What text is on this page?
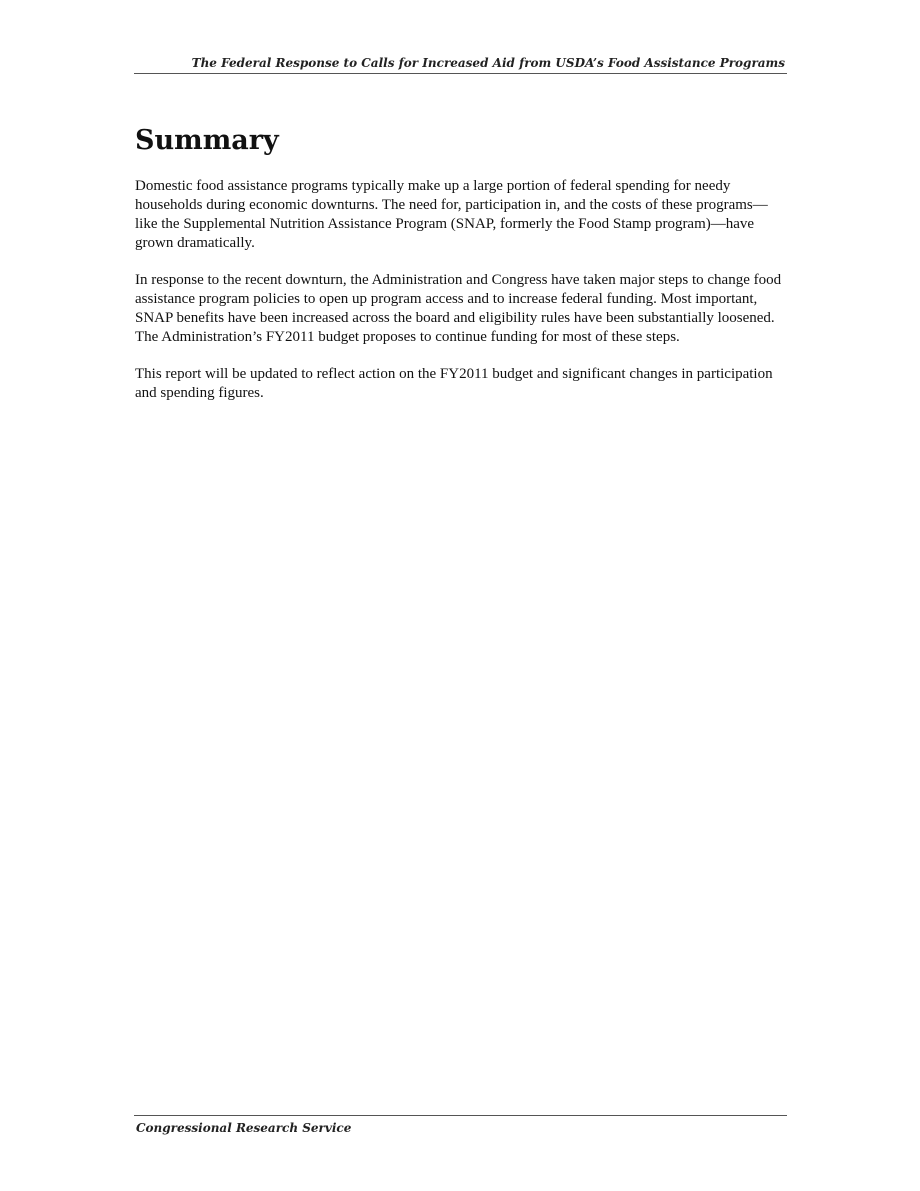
The Federal Response to Calls for Increased Aid from USDA’s Food Assistance Programs
Summary

Domestic food assistance programs typically make up a large portion of federal spending for needy households during economic downturns. The need for, participation in, and the costs of these programs—like the Supplemental Nutrition Assistance Program (SNAP, formerly the Food Stamp program)—have grown dramatically.

In response to the recent downturn, the Administration and Congress have taken major steps to change food assistance program policies to open up program access and to increase federal funding. Most important, SNAP benefits have been increased across the board and eligibility rules have been substantially loosened. The Administration’s FY2011 budget proposes to continue funding for most of these steps.

This report will be updated to reflect action on the FY2011 budget and significant changes in participation and spending figures.

Congressional Research Service
